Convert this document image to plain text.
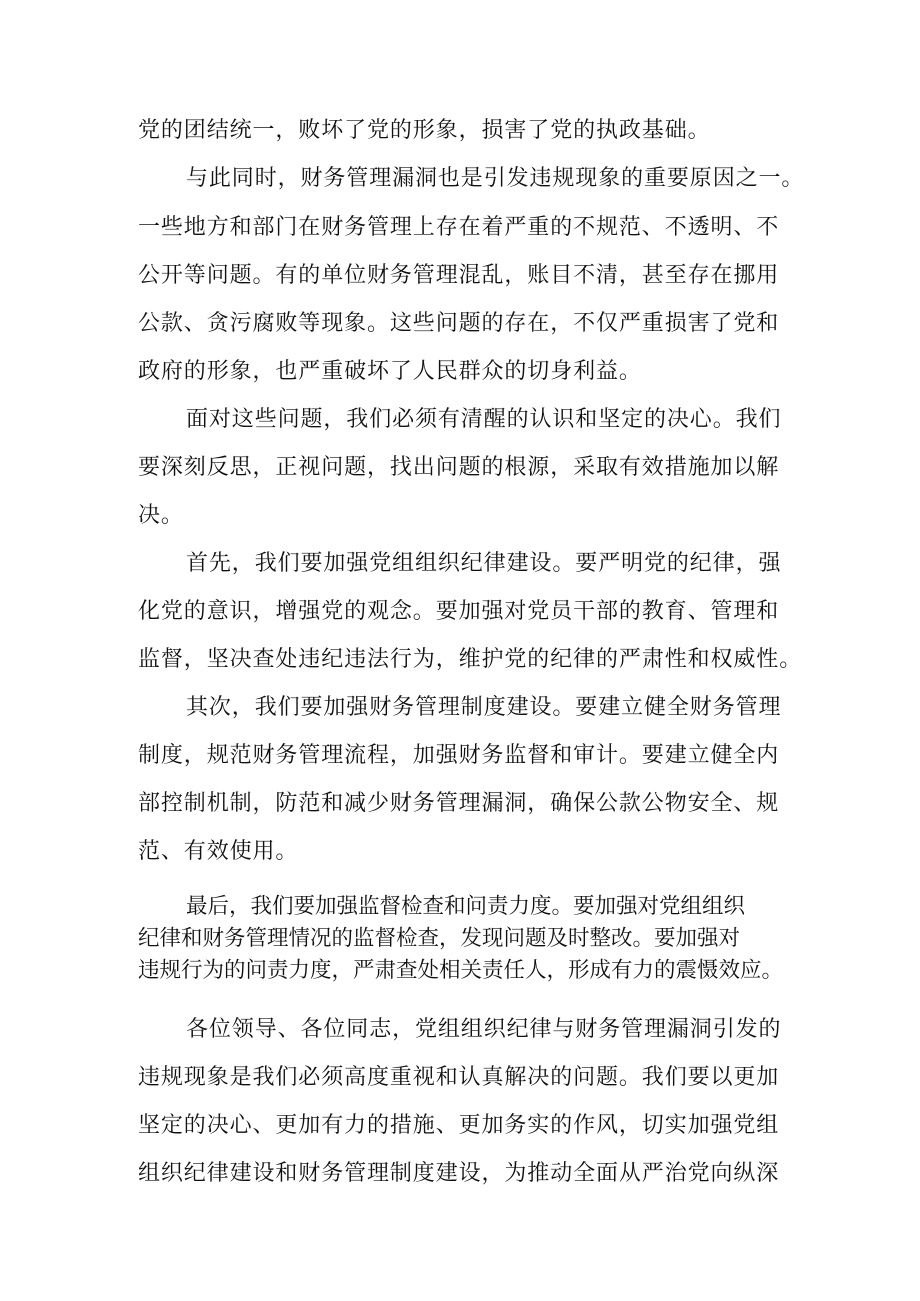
党的团结统一，败坏了党的形象，损害了党的执政基础。
与此同时，财务管理漏洞也是引发违规现象的重要原因之一。
一些地方和部门在财务管理上存在着严重的不规范、不透明、不
公开等问题。有的单位财务管理混乱，账目不清，甚至存在挪用
公款、贪污腐败等现象。这些问题的存在，不仅严重损害了党和
政府的形象，也严重破坏了人民群众的切身利益。
面对这些问题，我们必须有清醒的认识和坚定的决心。我们
要深刻反思，正视问题，找出问题的根源，采取有效措施加以解
决。
首先，我们要加强党组组织纪律建设。要严明党的纪律，强
化党的意识，增强党的观念。要加强对党员干部的教育、管理和
监督，坚决查处违纪违法行为，维护党的纪律的严肃性和权威性。
其次，我们要加强财务管理制度建设。要建立健全财务管理
制度，规范财务管理流程，加强财务监督和审计。要建立健全内
部控制机制，防范和减少财务管理漏洞，确保公款公物安全、规
范、有效使用。
最后，我们要加强监督检查和问责力度。要加强对党组组织
纪律和财务管理情况的监督检查，发现问题及时整改。要加强对
违规行为的问责力度，严肃查处相关责任人，形成有力的震慑效应。
各位领导、各位同志，党组组织纪律与财务管理漏洞引发的
违规现象是我们必须高度重视和认真解决的问题。我们要以更加
坚定的决心、更加有力的措施、更加务实的作风，切实加强党组
组织纪律建设和财务管理制度建设，为推动全面从严治党向纵深
